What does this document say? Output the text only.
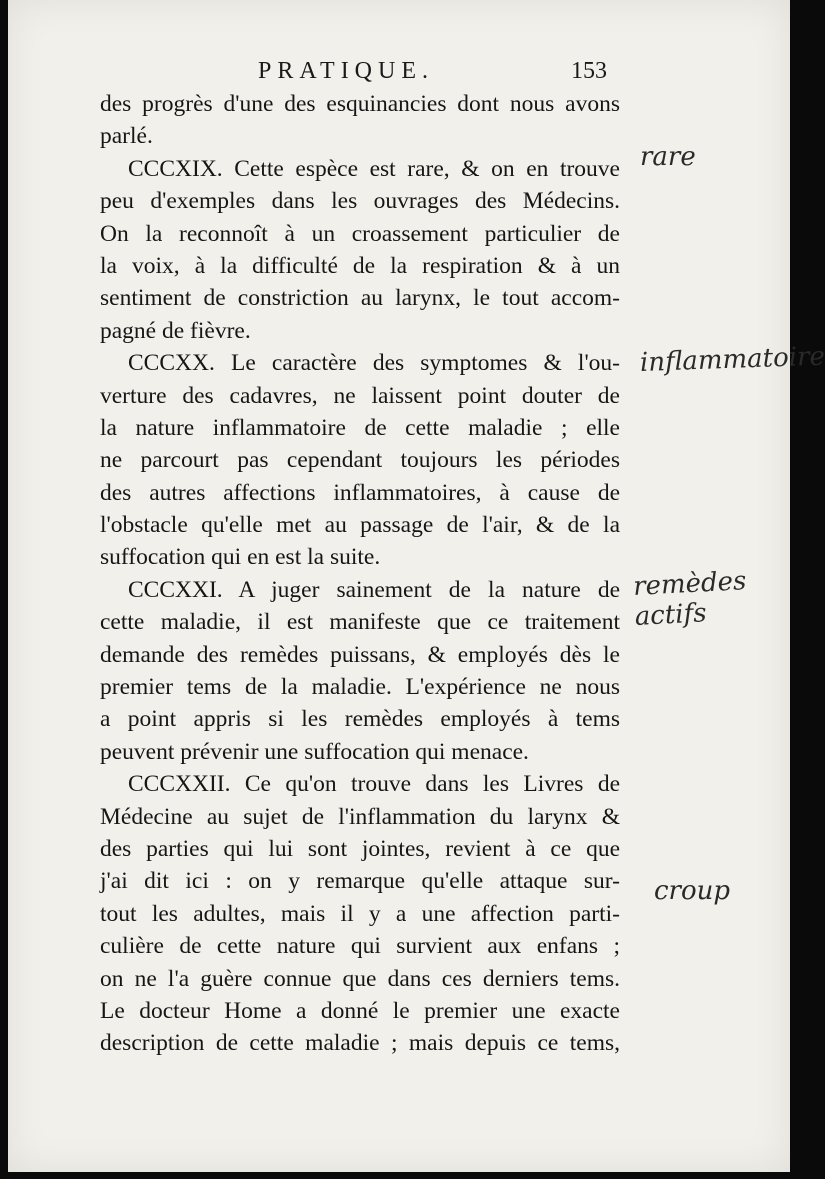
PRATIQUE.	153
des progrès d'une des esquinancies dont nous avons
parlé.
CCCXIX. Cette espèce est rare, & on en trouve
peu d'exemples dans les ouvrages des Médecins.
On la reconnoît à un croassement particulier de
la voix, à la difficulté de la respiration & à un
sentiment de constriction au larynx, le tout accom-
pagné de fièvre.
CCCXX. Le caractère des symptomes & l'ou-
verture des cadavres, ne laissent point douter de
la nature inflammatoire de cette maladie ; elle
ne parcourt pas cependant toujours les périodes
des autres affections inflammatoires, à cause de
l'obstacle qu'elle met au passage de l'air, & de la
suffocation qui en est la suite.
CCCXXI. A juger sainement de la nature de
cette maladie, il est manifeste que ce traitement
demande des remèdes puissans, & employés dès le
premier tems de la maladie. L'expérience ne nous
a point appris si les remèdes employés à tems
peuvent prévenir une suffocation qui menace.
CCCXXII. Ce qu'on trouve dans les Livres de
Médecine au sujet de l'inflammation du larynx &
des parties qui lui sont jointes, revient à ce que
j'ai dit ici : on y remarque qu'elle attaque sur-
tout les adultes, mais il y a une affection parti-
culière de cette nature qui survient aux enfans ;
on ne l'a guère connue que dans ces derniers tems.
Le docteur Home a donné le premier une exacte
description de cette maladie ; mais depuis ce tems,
rare
inflammatoire
remèdes actifs
croup
